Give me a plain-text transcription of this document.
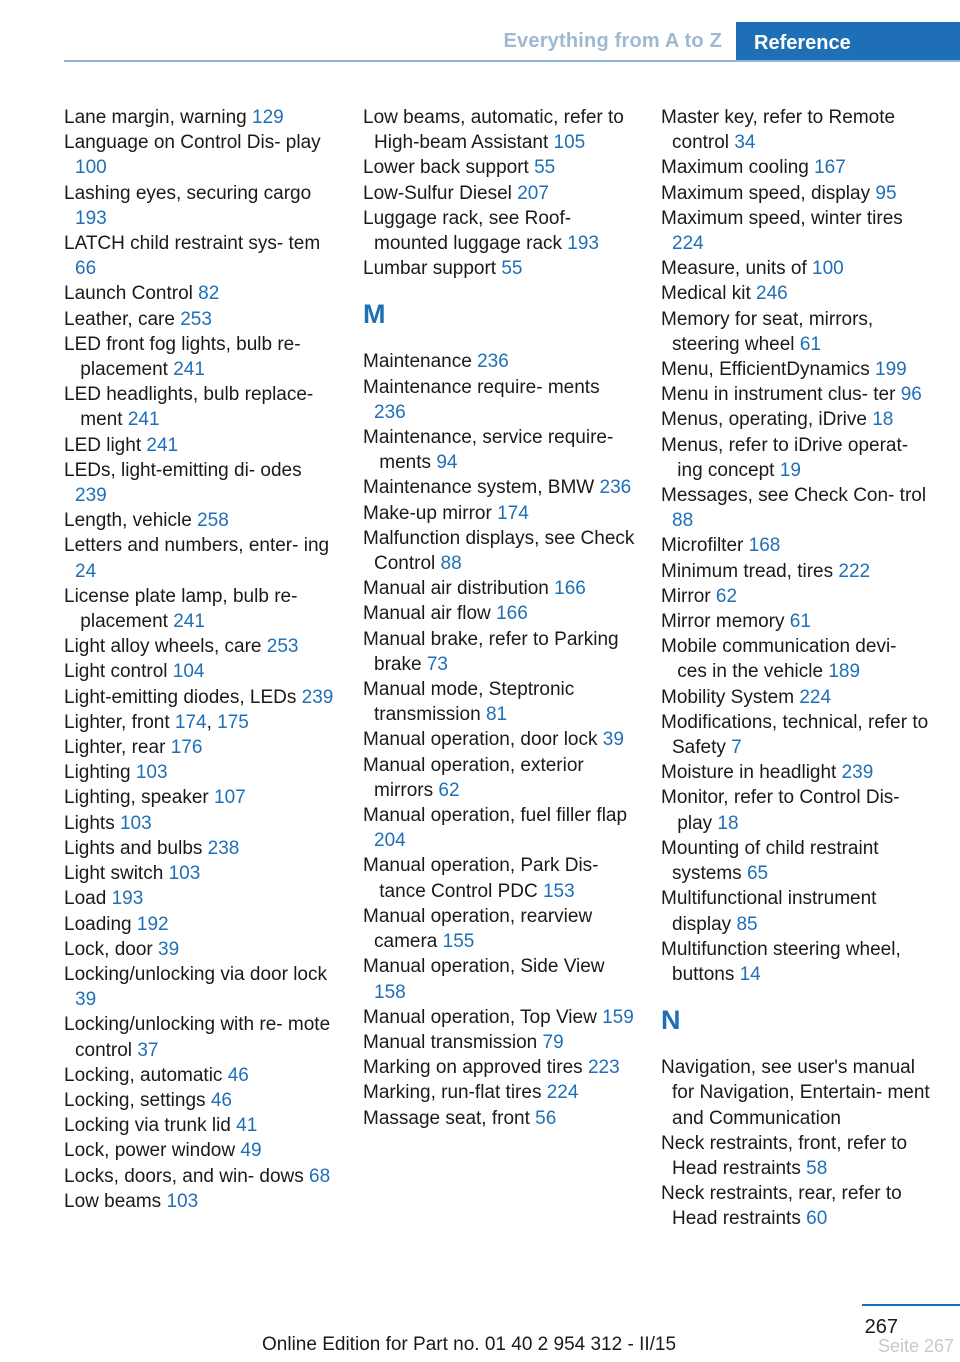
Everything from A to Z Reference
Lane margin, warning 129
Language on Control Dis‐ play 100
Lashing eyes, securing cargo 193
LATCH child restraint sys‐ tem 66
Launch Control 82
Leather, care 253
LED front fog lights, bulb re‐ placement 241
LED headlights, bulb replace‐ ment 241
LED light 241
LEDs, light-emitting di‐ odes 239
Length, vehicle 258
Letters and numbers, enter‐ ing 24
License plate lamp, bulb re‐ placement 241
Light alloy wheels, care 253
Light control 104
Light-emitting diodes, LEDs 239
Lighter, front 174, 175
Lighter, rear 176
Lighting 103
Lighting, speaker 107
Lights 103
Lights and bulbs 238
Light switch 103
Load 193
Loading 192
Lock, door 39
Locking/unlocking via door lock 39
Locking/unlocking with re‐ mote control 37
Locking, automatic 46
Locking, settings 46
Locking via trunk lid 41
Lock, power window 49
Locks, doors, and win‐ dows 68
Low beams 103
Low beams, automatic, refer to High-beam Assistant 105
Lower back support 55
Low-Sulfur Diesel 207
Luggage rack, see Roof-mounted luggage rack 193
Lumbar support 55
M
Maintenance 236
Maintenance require‐ ments 236
Maintenance, service require‐ ments 94
Maintenance system, BMW 236
Make-up mirror 174
Malfunction displays, see Check Control 88
Manual air distribution 166
Manual air flow 166
Manual brake, refer to Parking brake 73
Manual mode, Steptronic transmission 81
Manual operation, door lock 39
Manual operation, exterior mirrors 62
Manual operation, fuel filler flap 204
Manual operation, Park Dis‐ tance Control PDC 153
Manual operation, rearview camera 155
Manual operation, Side View 158
Manual operation, Top View 159
Manual transmission 79
Marking on approved tires 223
Marking, run-flat tires 224
Massage seat, front 56
Master key, refer to Remote control 34
Maximum cooling 167
Maximum speed, display 95
Maximum speed, winter tires 224
Measure, units of 100
Medical kit 246
Memory for seat, mirrors, steering wheel 61
Menu, EfficientDynamics 199
Menu in instrument clus‐ ter 96
Menus, operating, iDrive 18
Menus, refer to iDrive operat‐ ing concept 19
Messages, see Check Con‐ trol 88
Microfilter 168
Minimum tread, tires 222
Mirror 62
Mirror memory 61
Mobile communication devi‐ ces in the vehicle 189
Mobility System 224
Modifications, technical, refer to Safety 7
Moisture in headlight 239
Monitor, refer to Control Dis‐ play 18
Mounting of child restraint systems 65
Multifunctional instrument display 85
Multifunction steering wheel, buttons 14
N
Navigation, see user's manual for Navigation, Entertain‐ ment and Communication
Neck restraints, front, refer to Head restraints 58
Neck restraints, rear, refer to Head restraints 60
267
Online Edition for Part no. 01 40 2 954 312 - II/15	Seite 267
